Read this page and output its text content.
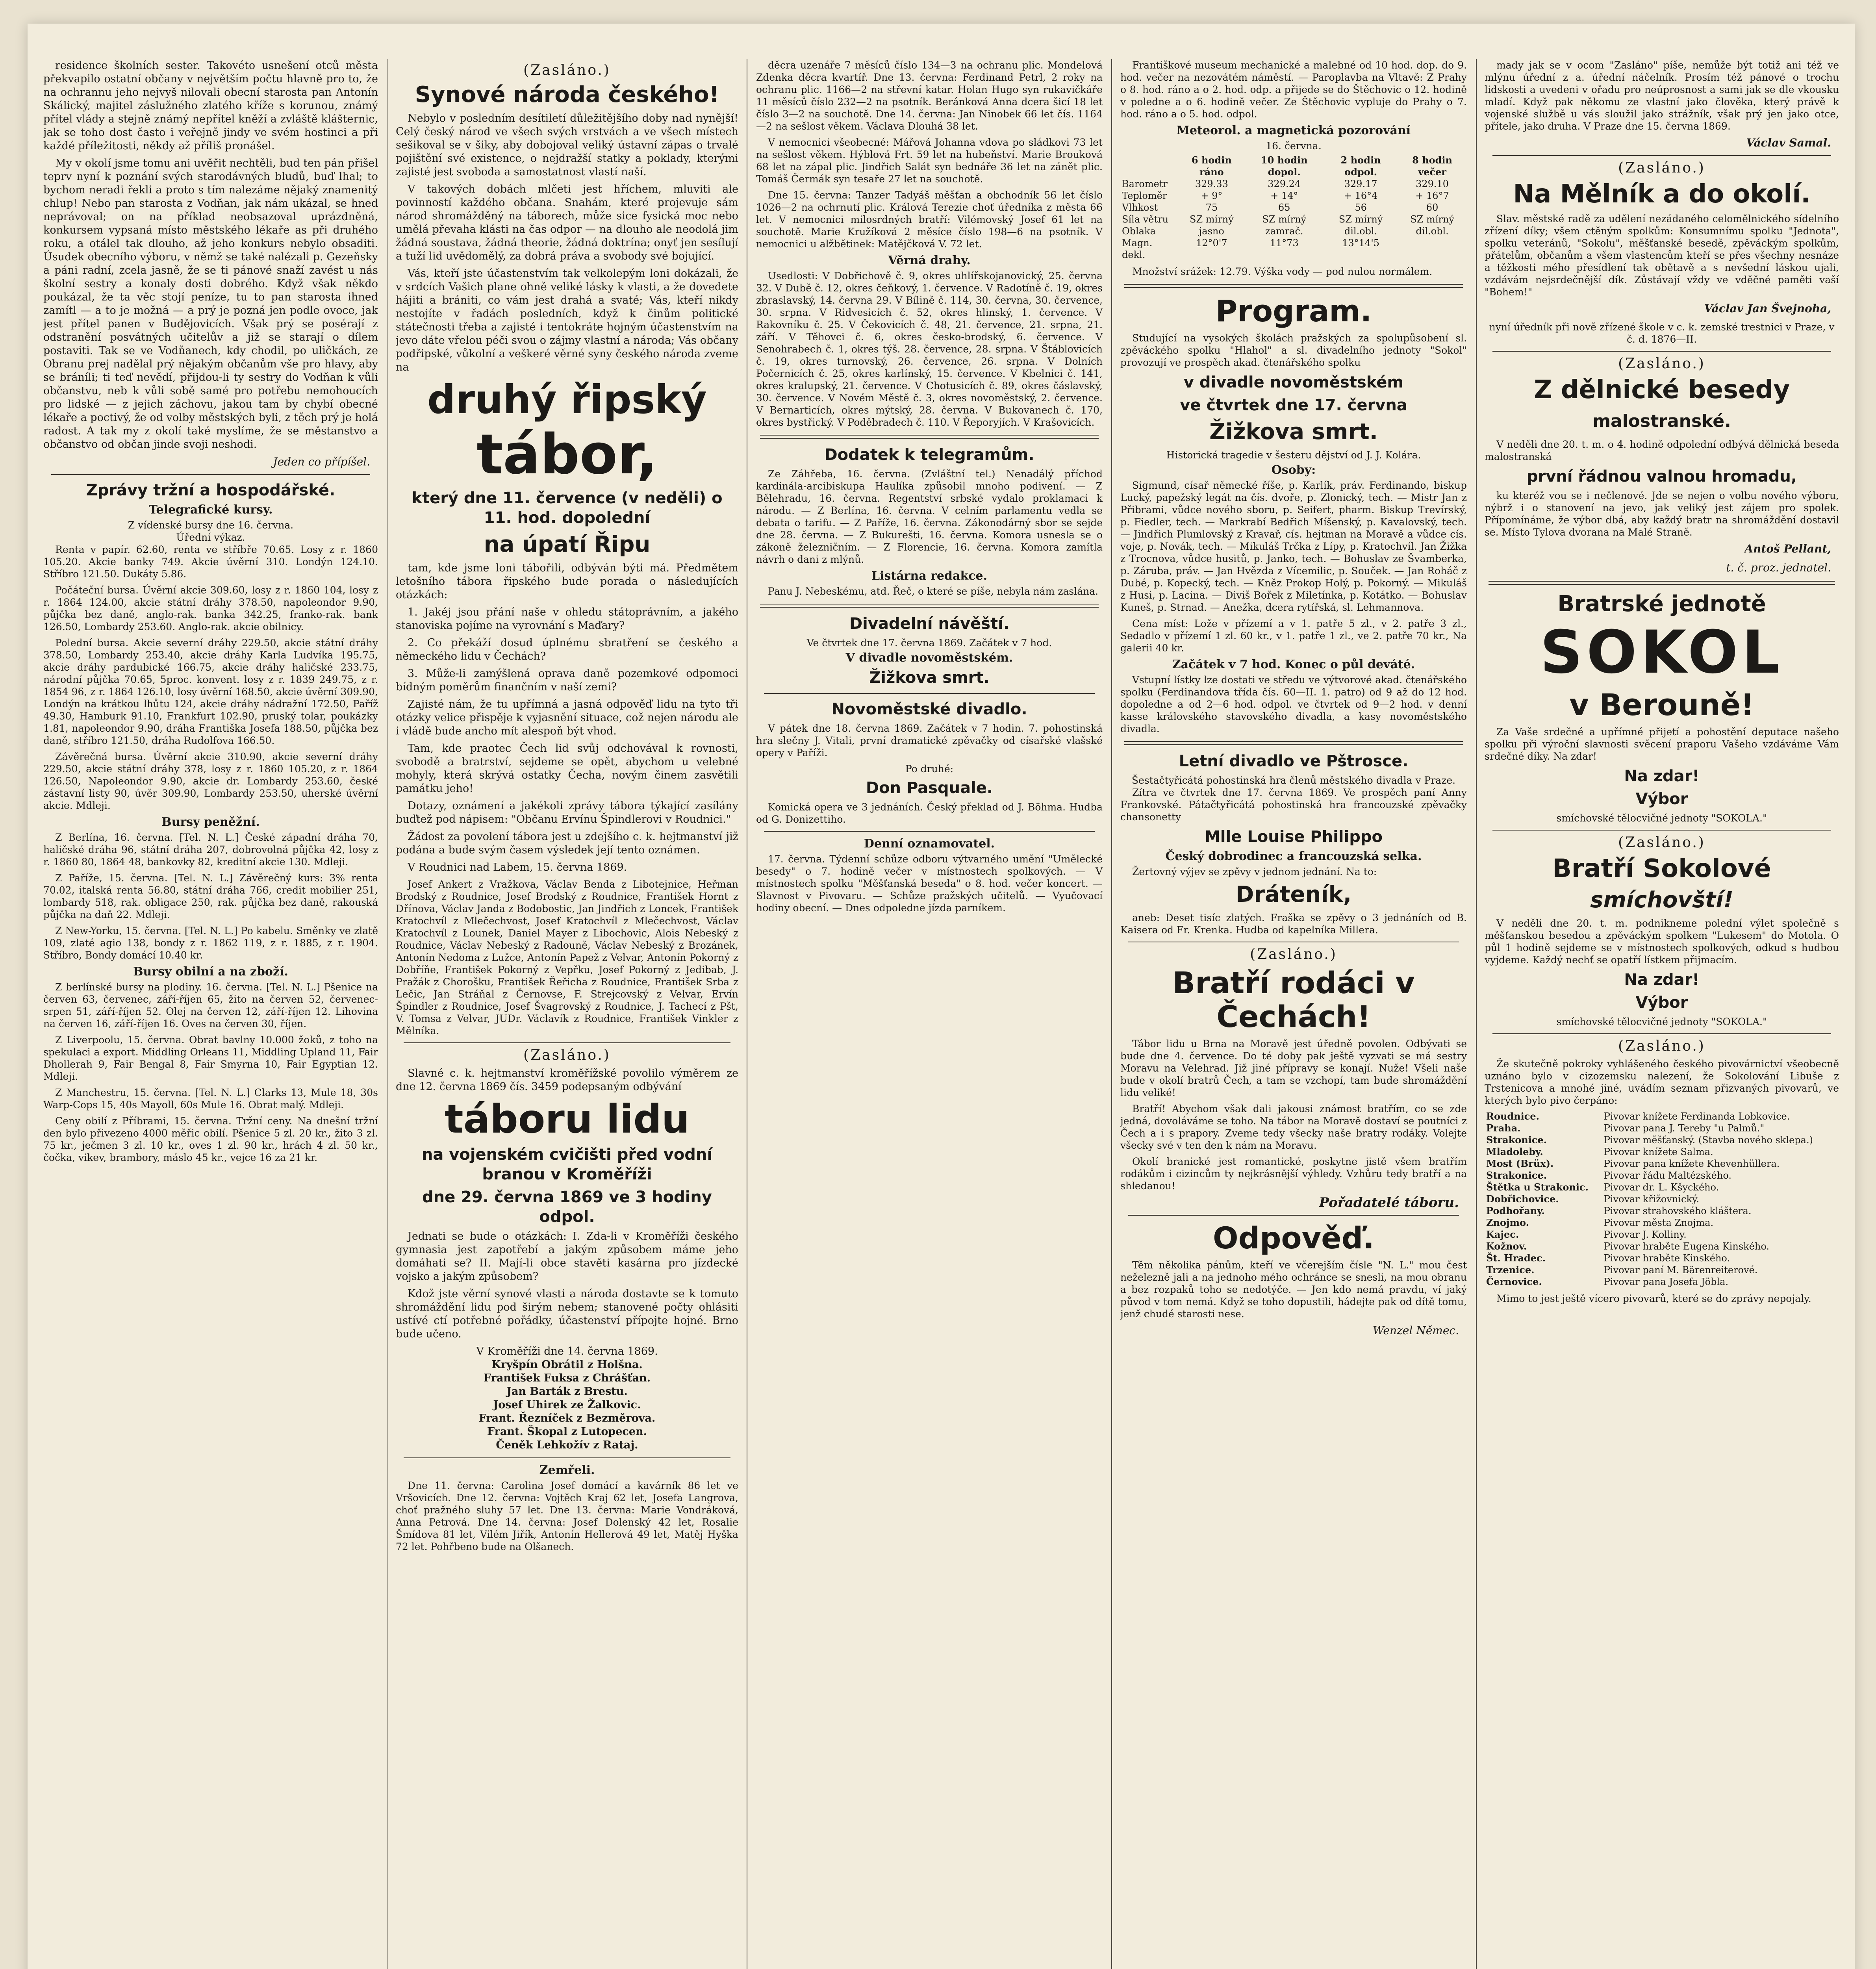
residence školních sester. Takovéto usnešení otců města překvapilo ostatní občany v největším počtu hlavně pro to, že na ochrannu jeho nejvyš nilovali obecní starosta pan Antonín Skálický, majitel záslužného zlatého kříže s korunou, známý přítel vlády a stejně známý nepřítel kněží a zvláště klášternic, jak se toho dost často i veřejně jindy ve svém hostinci a při každé příležitosti, někdy až příliš pronášel.

My v okolí jsme tomu ani uvěřit nechtěli, bud ten pán přišel teprv nyní k poznání svých starodávných bludů, buď lhal; to bychom neradi řekli a proto s tím nalezáme nějaký znamenitý chlup! Nebo pan starosta z Vodňan, jak nám ukázal, se hned neprávoval; on na příklad neobsazoval uprázdněná, konkursem vypsaná místo městského lékaře as při druhého roku, a otálel tak dlouho, až jeho konkurs nebylo obsaditi. Úsudek obecního výboru, v němž se také nalézali p. Gezeňsky a páni radní, zcela jasně, že se ti pánové snaží zavést u nás školní sestry a konaly dosti dobrého. Když však někdo poukázal, že ta věc stojí peníze, tu to pan starosta ihned zamítl — a to je možná — a prý je pozná jen podle ovoce, jak jest přítel panen v Budějovicích. Však prý se posérají z odstranění posvátných učitelův a již se starají o dílem postaviti. Tak se ve Vodňanech, kdy chodil, po uličkách, ze Obranu prej nadělal prý nějakým občanům vše pro hlavy, aby se bráníli; ti teď nevědí, přijdou-li ty sestry do Vodňan k vůli občanstvu, neb k vůli sobě samé pro potřebu nemohoucích pro lidské — z jejich záchovu, jakou tam by chybí obecné lékaře a poctivý, že od volby městských byli, z těch prý je holá radost. A tak my z okolí také myslíme, že se městanstvo a občanstvo od občan jinde svoji neshodi.

Jeden co přípíšel.
Zprávy tržní a hospodářské.
Telegrafické kursy.
Z vídenské bursy dne 16. června.
Úřední výkaz.

Renta v papír. 62.60, renta ve stříbře 70.65. Losy z r. 1860 105.20. Akcie banky 749. Akcie úvěrní 310. Londýn 124.10. Stříbro 121.50. Dukáty 5.86.

Počáteční bursa. Úvěrní akcie 309.60, losy z r. 1860 104, losy z r. 1864 124.00, akcie státní dráhy 378.50, napoleondor 9.90, půjčka bez daně, anglo-rak. banka 342.25, franko-rak. bank 126.50, Lombardy 253.60. Anglo-rak. akcie obilnicy.

Polední bursa. Akcie severní dráhy 229.50, akcie státní dráhy 378.50, Lombardy 253.40, akcie dráhy Karla Ludvíka 195.75, akcie dráhy pardubické 166.75, akcie dráhy haličské 233.75, národní půjčka 70.65, 5proc. konvent. losy z r. 1839 249.75, z r. 1854 96, z r. 1864 126.10, losy úvěrní 168.50, akcie úvěrní 309.90, Londýn na krátkou lhůtu 124, akcie dráhy nádražní 172.50, Paříž 49.30, Hamburk 91.10, Frankfurt 102.90, pruský tolar, poukázky 1.81, napoleondor 9.90, dráha Františka Josefa 188.50, půjčka bez daně, stříbro 121.50, dráha Rudolfova 166.50.

Závěrečná bursa. Úvěrní akcie 310.90, akcie severní dráhy 229.50, akcie státní dráhy 378, losy z r. 1860 105.20, z r. 1864 126.50, Napoleondor 9.90, akcie dr. Lombardy 253.60, české zástavní listy 90, úvěr 309.90, Lombardy 253.50, uherské úvěrní akcie. Mdleji.

Bursy peněžní.

Z Berlína, 16. června. [Tel. N. L.] České západní dráha 70, haličské dráha 96, státní dráha 207, dobrovolná půjčka 42, losy z r. 1860 80, 1864 48, bankovky 82, kreditní akcie 130. Mdleji.

Z Paříže, 15. června. [Tel. N. L.] Závěrečný kurs: 3% renta 70.02, italská renta 56.80, státní dráha 766, credit mobilier 251, lombardy 518, rak. obligace 250, rak. půjčka bez daně, rakouská půjčka na daň 22. Mdleji.

Z New-Yorku, 15. června. [Tel. N. L.] Po kabelu. Směnky ve zlatě 109, zlaté agio 138, bondy z r. 1862 119, z r. 1885, z r. 1904. Stříbro, Bondy domácí 10.40 kr.

Bursy obilní a na zboží.

Z berlínské bursy na plodiny. 16. června. [Tel. N. L.] Pšenice na červen 63, červenec, září-říjen 65, žito na červen 52, červenec-srpen 51, září-říjen 52. Olej na červen 12, září-říjen 12. Lihovina na červen 16, září-říjen 16. Oves na červen 30, říjen.

Z Liverpoolu, 15. června. Obrat bavlny 10.000 žoků, z toho na spekulaci a export. Middling Orleans 11, Middling Upland 11, Fair Dhollerah 9, Fair Bengal 8, Fair Smyrna 10, Fair Egyptian 12. Mdleji.

Z Manchestru, 15. června. [Tel. N. L.] Clarks 13, Mule 18, 30s Warp-Cops 15, 40s Mayoll, 60s Mule 16. Obrat malý. Mdleji.

Ceny obilí z Příbrami, 15. června. Tržní ceny. Na dnešní tržní den bylo přivezeno 4000 měřic obilí. Pšenice 5 zl. 20 kr., žito 3 zl. 75 kr., ječmen 3 zl. 10 kr., oves 1 zl. 90 kr., hrách 4 zl. 50 kr., čočka, vikev, brambory, máslo 45 kr., vejce 16 za 21 kr.

(Zasláno.)
Synové národa českého!

Nebylo v posledním desítiletí důležitějšího doby nad nynější! Celý český národ ve všech svých vrstvách a ve všech místech sešikoval se v šiky, aby dobojoval veliký ústavní zápas o trvalé pojištění své existence, o nejdražší statky a poklady, kterými zajisté jest svoboda a samostatnost vlastí naší.

V takových dobách mlčeti jest hříchem, mluviti ale povinností každého občana. Snahám, které projevuje sám národ shromážděný na táborech, může sice fysická moc nebo umělá převaha klásti na čas odpor — na dlouho ale neodolá jim žádná soustava, žádná theorie, žádná doktrína; onyť jen sesílují a tuží lid uvědomělý, za dobrá práva a svobody své bojující.

Vás, kteří jste účastenstvím tak velkolepým loni dokázali, že v srdcích Vašich plane ohně veliké lásky k vlasti, a že dovedete hájiti a brániti, co vám jest drahá a svaté; Vás, kteří nikdy nestojíte v řadách posledních, když k činům politické státečnosti třeba a zajisté i tentokráte hojným účastenstvím na jevo dáte vřelou péči svou o zájmy vlastní a národa; Vás občany podřipské, vůkolní a veškeré věrné syny českého národa zveme na

druhý řipský
tábor,
který dne 11. července (v neděli) o 11. hod. dopolední
na úpatí Řipu

tam, kde jsme loni tábořili, odbýván býti má. Předmětem letošního tábora řipského bude porada o následujících otázkách:

1. Jakéj jsou přání naše v ohledu státoprávním, a jakého stanoviska pojíme na vyrovnání s Maďary?

2. Co překáží dosud úplnému sbratření se českého a německého lidu v Čechách?

3. Může-li zamýšlená oprava daně pozemkové odpomoci bídným poměrům finančním v naší zemi?

Zajisté nám, že tu upřímná a jasná odpověď lidu na tyto tři otázky velice přispěje k vyjasnění situace, což nejen národu ale i vládě bude ancho mít alespoň být vhod.

Tam, kde praotec Čech lid svůj odchovával k rovnosti, svobodě a bratrství, sejdeme se opět, abychom u velebné mohyly, která skrývá ostatky Čecha, novým činem zasvětili památku jeho!

Dotazy, oznámení a jakékoli zprávy tábora týkající zasílány buďtež pod nápisem: "Občanu Ervínu Špindlerovi v Roudnici."

Žádost za povolení tábora jest u zdejšího c. k. hejtmanství již podána a bude svým časem výsledek její tento oznámen.

V Roudnici nad Labem, 15. června 1869.

Josef Ankert z Vražkova, Václav Benda z Libotejnice, Heřman Brodský z Roudnice, Josef Brodský z Roudnice, František Hornt z Dřínova, Václav Janda z Bodobostic, Jan Jindřich z Loncek, František Kratochvíl z Mlečechvost, Josef Kratochvíl z Mlečechvost, Václav Kratochvíl z Lounek, Daniel Mayer z Libochovic, Alois Nebeský z Roudnice, Václav Nebeský z Radouně, Václav Nebeský z Brozánek, Antonín Nedoma z Lužce, Antonín Papež z Velvar, Antonín Pokorný z Dobříňe, František Pokorný z Vepřku, Josef Pokorný z Jedibab, J. Pražák z Chorošku, František Řeřicha z Roudnice, František Srba z Lečic, Jan Stráňal z Černovse, F. Strejcovský z Velvar, Ervín Špindler z Roudnice, Josef Švagrovský z Roudnice, J. Tachecí z Pšt, V. Tomsa z Velvar, JUDr. Václavík z Roudnice, František Vinkler z Mělníka.

(Zasláno.)

Slavné c. k. hejtmanství kroměřížské povolilo výměrem ze dne 12. června 1869 čís. 3459 podepsaným odbývání

táboru lidu
na vojenském cvičišti před vodní branou v Kroměříži
dne 29. června 1869 ve 3 hodiny odpol.

Jednati se bude o otázkách: I. Zda-li v Kroměříži českého gymnasia jest zapotřebí a jakým způsobem máme jeho domáhati se? II. Mají-li obce stavěti kasárna pro jízdecké vojsko a jakým způsobem?

Kdož jste věrní synové vlasti a národa dostavte se k tomuto shromáždění lidu pod širým nebem; stanovené počty ohlásiti ustívé ctí potřebné pořádky, účastenství přípojte hojné. Brno bude učeno.

V Kroměříži dne 14. června 1869.
Kryšpín Obrátil z Holšna.
František Fuksa z Chrášťan.
Jan Barták z Brestu.
Josef Uhirek ze Žalkovic.
Frant. Řezníček z Bezměrova.
Frant. Škopal z Lutopecen.
Čeněk Lehkožív z Rataj.
Zemřeli.

Dne 11. června: Carolina Josef domácí a kavárník 86 let ve Vršovicích. Dne 12. června: Vojtěch Kraj 62 let, Josefa Langrova, choť pražného sluhy 57 let. Dne 13. června: Marie Vondráková, Anna Petrová. Dne 14. června: Josef Dolenský 42 let, Rosalie Šmídova 81 let, Vilém Jiřík, Antonín Hellerová 49 let, Matěj Hyška 72 let. Pohřbeno bude na Olšanech.

děcra uzenáře 7 měsíců číslo 134—3 na ochranu plic. Mondelová Zdenka děcra kvartíř. Dne 13. června: Ferdinand Petrl, 2 roky na ochranu plic. 1166—2 na střevní katar. Holan Hugo syn rukavičkáře 11 měsíců číslo 232—2 na psotník. Beránková Anna dcera šicí 18 let číslo 3—2 na souchotě. Dne 14. června: Jan Ninobek 66 let čís. 1164—2 na sešlost věkem. Václava Dlouhá 38 let.

V nemocnici všeobecné: Mářová Johanna vdova po sládkovi 73 let na sešlost věkem. Hýblová Frt. 59 let na hubeňství. Marie Brouková 68 let na zápal plic. Jindřich Salát syn bednáře 36 let na zánět plic. Tomáš Čermák syn tesaře 27 let na souchotě.

Dne 15. června: Tanzer Tadyáš měšťan a obchodník 56 let číslo 1026—2 na ochrnutí plic. Králová Terezie choť úředníka z města 66 let. V nemocnici milosrdných bratří: Vilémovský Josef 61 let na souchotě. Marie Kružíková 2 měsíce číslo 198—6 na psotník. V nemocnici u alžbětinek: Matějčková V. 72 let.

Věrná drahy.

Usedlosti: V Dobřichově č. 9, okres uhlířskojanovický, 25. června 32. V Dubě č. 12, okres čeňkový, 1. července. V Radotíně č. 19, okres zbraslavský, 14. června 29. V Bílině č. 114, 30. června, 30. července, 30. srpna. V Ridvesicích č. 52, okres hlinský, 1. července. V Rakovníku č. 25. V Čekovicích č. 48, 21. července, 21. srpna, 21. září. V Těhovci č. 6, okres česko-brodský, 6. července. V Senohrabech č. 1, okres týš. 28. července, 28. srpna. V Štáblovicích č. 19, okres turnovský, 26. července, 26. srpna. V Dolních Počernicích č. 25, okres karlínský, 15. července. V Kbelnici č. 141, okres kralupský, 21. července. V Chotusicích č. 89, okres čáslavský, 30. července. V Novém Městě č. 3, okres novoměstský, 2. července. V Bernarticích, okres mýtský, 28. června. V Bukovanech č. 170, okres bystřický. V Poděbradech č. 110. V Řeporyjích. V Krašovicích.

Dodatek k telegramům.

Ze Záhřeba, 16. června. (Zvláštní tel.) Nenadálý příchod kardinála-arcibiskupa Haulíka způsobil mnoho podivení. — Z Bělehradu, 16. června. Regentství srbské vydalo proklamaci k národu. — Z Berlína, 16. června. V celním parlamentu vedla se debata o tarifu. — Z Paříže, 16. června. Zákonodárný sbor se sejde dne 28. června. — Z Bukurešti, 16. června. Komora usnesla se o zákoně železničním. — Z Florencie, 16. června. Komora zamítla návrh o dani z mlýnů.

Listárna redakce.

Panu J. Nebeskému, atd. Řeč, o které se píše, nebyla nám zaslána.

Divadelní návěští.
Ve čtvrtek dne 17. června 1869. Začátek v 7 hod.
V divadle novoměstském.
Žižkova smrt.
Novoměstské divadlo.

V pátek dne 18. června 1869. Začátek v 7 hodin. 7. pohostinská hra slečny J. Vitali, první dramatické zpěvačky od císařské vlašské opery v Paříži.

Po druhé:
Don Pasquale.

Komická opera ve 3 jednáních. Český překlad od J. Böhma. Hudba od G. Donizettiho.

Denní oznamovatel.

17. června. Týdenní schůze odboru výtvarného umění "Umělecké besedy" o 7. hodině večer v místnostech spolkových. — V místnostech spolku "Měšťanská beseda" o 8. hod. večer koncert. — Slavnost v Pivovaru. — Schůze pražských učitelů. — Vyučovací hodiny obecní. — Dnes odpoledne jízda parníkem.

Františkové museum mechanické a malebné od 10 hod. dop. do 9. hod. večer na nezovátém náměstí. — Paroplavba na Vltavě: Z Prahy o 8. hod. ráno a o 2. hod. odp. a přijede se do Štěchovic o 12. hodině v poledne a o 6. hodině večer. Ze Štěchovic vypluje do Prahy o 7. hod. ráno a o 5. hod. odpol.

Meteorol. a magnetická pozorování
16. června.
	6 hodin ráno	10 hodin dopol.	2 hodin odpol.	8 hodin večer
Barometr	329.33	329.24	329.17	329.10
Teploměr	+ 9°	+ 14°	+ 16°4	+ 16°7
Vlhkost	75	65	56	60
Síla větru	SZ mírný	SZ mírný	SZ mírný	SZ mírný
Oblaka	jasno	zamrač.	dil.obl.	dil.obl.
Magn. dekl.	12°0'7	11°73	13°14'5	

Množství srážek: 12.79. Výška vody — pod nulou normálem.

Program.

Studující na vysokých školách pražských za spolupůsobení sl. zpěváckého spolku "Hlahol" a sl. divadelního jednoty "Sokol" provozují ve prospěch akad. čtenářského spolku

v divadle novoměstském
ve čtvrtek dne 17. června
Žižkova smrt.
Historická tragedie v šesteru dějství od J. J. Kolára.
Osoby:

Sigmund, císař německé říše, p. Karlík, práv. Ferdinando, biskup Lucký, papežský legát na čís. dvoře, p. Zlonický, tech. — Mistr Jan z Přibrami, vůdce nového sboru, p. Seifert, pharm. Biskup Trevírský, p. Fiedler, tech. — Markrabí Bedřich Míšenský, p. Kavalovský, tech. — Jindřich Plumlovský z Kravař, cís. hejtman na Moravě a vůdce cís. voje, p. Novák, tech. — Mikuláš Trčka z Lípy, p. Kratochvíl. Jan Žižka z Trocnova, vůdce husitů, p. Janko, tech. — Bohuslav ze Švamberka, p. Záruba, práv. — Jan Hvězda z Vícemilic, p. Souček. — Jan Roháč z Dubé, p. Kopecký, tech. — Kněz Prokop Holý, p. Pokorný. — Mikuláš z Husi, p. Lacina. — Diviš Bořek z Miletínka, p. Kotátko. — Bohuslav Kuneš, p. Strnad. — Anežka, dcera rytířská, sl. Lehmannova.

Cena míst: Lože v přízemí a v 1. patře 5 zl., v 2. patře 3 zl., Sedadlo v přízemí 1 zl. 60 kr., v 1. patře 1 zl., ve 2. patře 70 kr., Na galerii 40 kr.

Začátek v 7 hod. Konec o půl deváté.

Vstupní lístky lze dostati ve středu ve výtvorové akad. čtenářského spolku (Ferdinandova třída čís. 60—II. 1. patro) od 9 až do 12 hod. dopoledne a od 2—6 hod. odpol. ve čtvrtek od 9—2 hod. v denní kasse královského stavovského divadla, a kasy novoměstského divadla.

Letní divadlo ve Pštrosce.
Šestačtyřicátá pohostinská hra členů městského divadla v Praze.

Zítra ve čtvrtek dne 17. června 1869. Ve prospěch paní Anny Frankovské. Pátačtyřicátá pohostinská hra francouzské zpěvačky chansonetty

Mlle Louise Philippo
Český dobrodinec a francouzská selka.

Žertovný výjev se zpěvy v jednom jednání. Na to:

Dráteník,

aneb: Deset tisíc zlatých. Fraška se zpěvy o 3 jednáních od B. Kaisera od Fr. Krenka. Hudba od kapelníka Millera.

(Zasláno.)
Bratří rodáci v Čechách!

Tábor lidu u Brna na Moravě jest úředně povolen. Odbývati se bude dne 4. července. Do té doby pak ještě vyzvati se má sestry Moravu na Velehrad. Již jiné přípravy se konají. Nuže! Všeli naše bude v okolí bratrů Čech, a tam se vzchopí, tam bude shromáždění lidu veliké!

Bratří! Abychom však dali jakousi známost bratřím, co se zde jedná, dovoláváme se toho. Na tábor na Moravě dostaví se poutníci z Čech a i s prapory. Zveme tedy všecky naše bratry rodáky. Volejte všecky své v ten den k nám na Moravu.

Okolí branické jest romantické, poskytne jistě všem bratřím rodákům i cizincům ty nejkrásnější výhledy. Vzhůru tedy bratří a na shledanou!

Pořadatelé táboru.
Odpověď.

Těm několika pánům, kteří ve včerejším čísle "N. L." mou čest neželezně jali a na jednoho mého ochránce se snesli, na mou obranu a bez rozpaků toho se nedotýče. — Jen kdo nemá pravdu, ví jaký původ v tom nemá. Když se toho dopustili, hádejte pak od dítě tomu, jenž chudé starosti nese.

Wenzel Němec.

mady jak se v ocom "Zasláno" píše, nemůže být totiž ani též ve mlýnu úřední z a. úřední náčelník. Prosím též pánové o trochu lidskosti a uvedeni v ořadu pro neúprosnost a sami jak se dle vkousku mladí. Když pak někomu ze vlastní jako člověka, který právě k vojenské službě u vás sloužil jako strážník, však prý jen jako otce, přítele, jako druha. V Praze dne 15. června 1869.

Václav Samal.
(Zasláno.)
Na Mělník a do okolí.

Slav. městské radě za udělení nezádaného celomělnického sídelního zřízení díky; všem ctěným spolkům: Konsumnímu spolku "Jednota", spolku veteránů, "Sokolu", měšťanské besedě, zpěváckým spolkům, přátelům, občanům a všem vlastencům kteří se přes všechny nesnáze a těžkosti mého přesídlení tak obětavě a s nevšední láskou ujali, vzdávám nejsrdečnější dík. Zůstávají vždy ve vděčné paměti vaší "Bohem!"

Václav Jan Švejnoha,
nyní úředník při nově zřízené škole v c. k. zemské trestnici v Praze, v č. d. 1876—II.
(Zasláno.)
Z dělnické besedy
malostranské.

V neděli dne 20. t. m. o 4. hodině odpolední odbývá dělnická beseda malostranská

první řádnou valnou hromadu,

ku kteréž vou se i nečlenové. Jde se nejen o volbu nového výboru, nýbrž i o stanovení na jevo, jak veliký jest zájem pro spolek. Přípomínáme, že výbor dbá, aby každý bratr na shromáždění dostavil se. Místo Tylova dvorana na Malé Straně.

Antoš Pellant,
t. č. proz. jednatel.
Bratrské jednotě
SOKOL
v Berouně!

Za Vaše srdečné a upřímné přijetí a pohostění deputace našeho spolku při výroční slavnosti svěcení praporu Vašeho vzdáváme Vám srdečné díky. Na zdar!

Na zdar!
Výbor
smíchovské tělocvičné jednoty "SOKOLA."
(Zasláno.)
Bratří Sokolové
smíchovští!

V neděli dne 20. t. m. podnikneme polední výlet společně s měšťanskou besedou a zpěváckým spolkem "Lukesem" do Motola. O půl 1 hodině sejdeme se v místnostech spolkových, odkud s hudbou vyjdeme. Každý nechť se opatří lístkem přijmacím.

Na zdar!
Výbor
smíchovské tělocvičné jednoty "SOKOLA."
(Zasláno.)

Že skutečně pokroky vyhlášeného českého pivovárnictví všeobecně uznáno bylo v cizozemsku nalezení, že Sokolování Libuše z Trstenicova a mnohé jiné, uvádím seznam přizvaných pivovarů, ve kterých bylo pivo čerpáno:

Roudnice.	Pivovar knížete Ferdinanda Lobkovice.
Praha.	Pivovar pana J. Tereby "u Palmů."
Strakonice.	Pivovar měšťanský. (Stavba nového sklepa.)
Mladoleby.	Pivovar knížete Salma.
Most (Brüx).	Pivovar pana knížete Khevenhüllera.
Strakonice.	Pivovar řádu Maltézského.
Štětka u Strakonic.	Pivovar dr. L. Kšyckého.
Dobřichovice.	Pivovar křižovnický.
Podhořany.	Pivovar strahovského kláštera.
Znojmo.	Pivovar města Znojma.
Kajec.	Pivovar J. Kolliny.
Kožnov.	Pivovar hraběte Eugena Kinského.
Št. Hradec.	Pivovar hraběte Kinského.
Trzenice.	Pivovar paní M. Bärenreiterové.
Černovice.	Pivovar pana Josefa Jöbla.

Mimo to jest ještě vícero pivovarů, které se do zprávy nepojaly.
